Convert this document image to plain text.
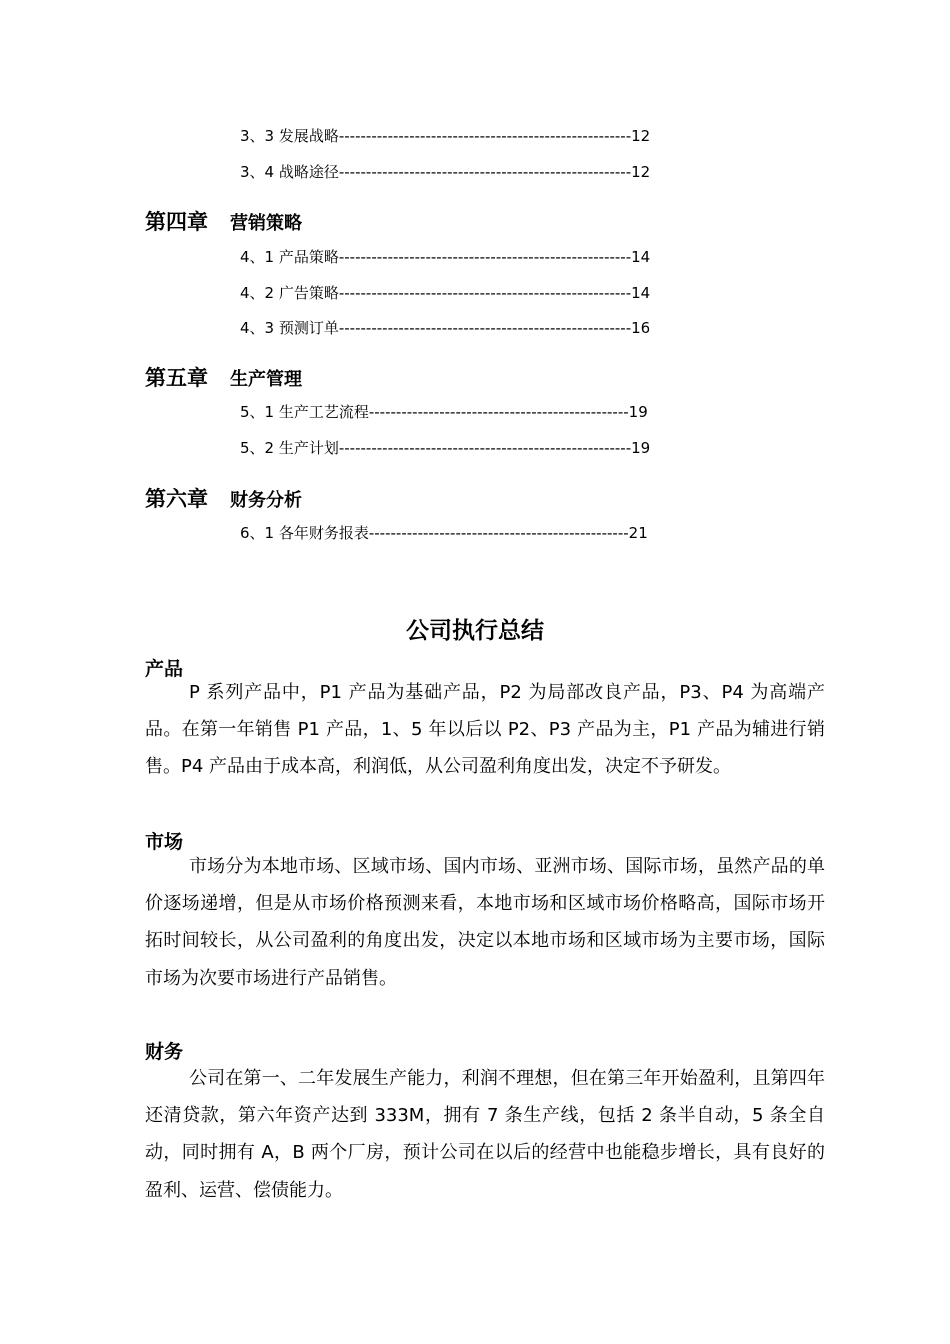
3、3 发展战略------------------------------------------------------12
3、4 战略途径------------------------------------------------------12
第四章 营销策略
4、1 产品策略------------------------------------------------------14
4、2 广告策略------------------------------------------------------14
4、3 预测订单------------------------------------------------------16
第五章 生产管理
5、1 生产工艺流程------------------------------------------------19
5、2 生产计划------------------------------------------------------19
第六章 财务分析
6、1 各年财务报表------------------------------------------------21
公司执行总结
产品

P 系列产品中，P1 产品为基础产品，P2 为局部改良产品，P3、P4 为高端产品。在第一年销售 P1 产品，1、5 年以后以 P2、P3 产品为主，P1 产品为辅进行销售。P4 产品由于成本高，利润低，从公司盈利角度出发，决定不予研发。

市场

市场分为本地市场、区域市场、国内市场、亚洲市场、国际市场，虽然产品的单价逐场递增，但是从市场价格预测来看，本地市场和区域市场价格略高，国际市场开拓时间较长，从公司盈利的角度出发，决定以本地市场和区域市场为主要市场，国际市场为次要市场进行产品销售。

财务

公司在第一、二年发展生产能力，利润不理想，但在第三年开始盈利，且第四年还清贷款，第六年资产达到 333M，拥有 7 条生产线，包括 2 条半自动，5 条全自动，同时拥有 A，B 两个厂房，预计公司在以后的经营中也能稳步增长，具有良好的盈利、运营、偿债能力。
